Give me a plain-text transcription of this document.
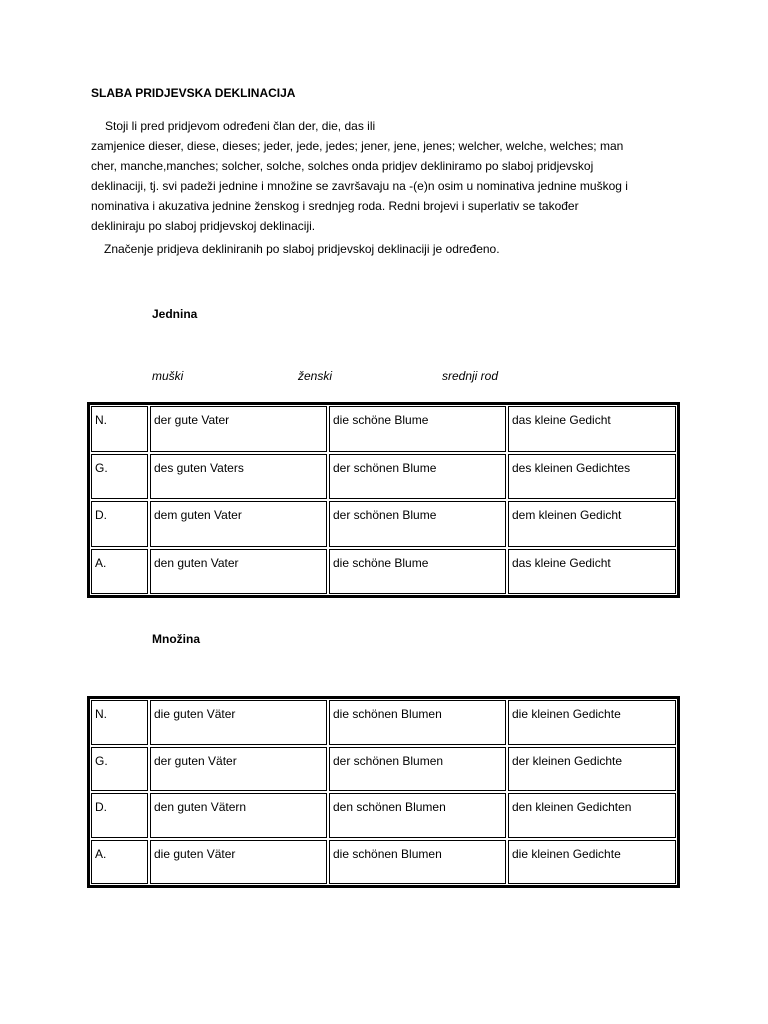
SLABA PRIDJEVSKA DEKLINACIJA
Stoji li pred pridjevom određeni član der, die, das ili
zamjenice dieser, diese, dieses; jeder, jede, jedes; jener, jene, jenes; welcher, welche, welches; man
cher, manche,manches; solcher, solche, solches onda pridjev dekliniramo po slaboj pridjevskoj
deklinaciji, tj. svi padeži jednine i množine se završavaju na -(e)n osim u nominativa jednine muškog i
nominativa i akuzativa jednine ženskog i srednjeg roda. Redni brojevi i superlativ se također
dekliniraju po slaboj pridjevskoj deklinaciji.
Značenje pridjeva dekliniranih po slaboj pridjevskoj deklinaciji je određeno.
Jednina
muški	ženski	srednji rod
N.	der gute Vater	die schöne Blume	das kleine Gedicht
G.	des guten Vaters	der schönen Blume	des kleinen Gedichtes
D.	dem guten Vater	der schönen Blume	dem kleinen Gedicht
A.	den guten Vater	die schöne Blume	das kleine Gedicht
Množina
N.	die guten Väter	die schönen Blumen	die kleinen Gedichte
G.	der guten Väter	der schönen Blumen	der kleinen Gedichte
D.	den guten Vätern	den schönen Blumen	den kleinen Gedichten
A.	die guten Väter	die schönen Blumen	die kleinen Gedichte
